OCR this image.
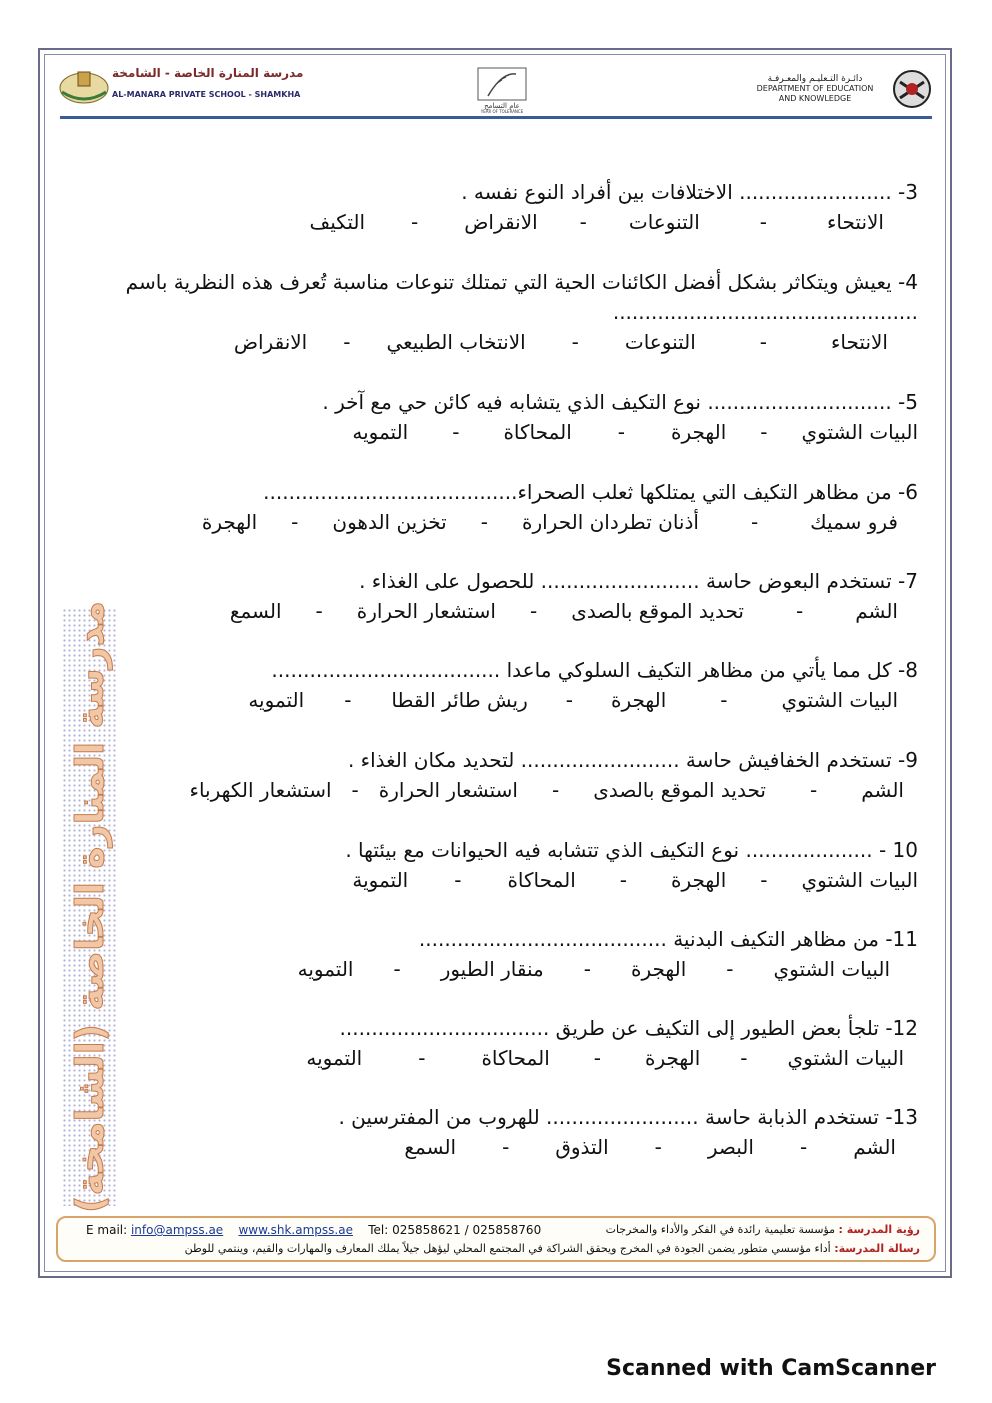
مدرسة المنارة الخاصة - الشامخة
AL-MANARA PRIVATE SCHOOL - SHAMKHA
عام التسامح
YEAR OF TOLERANCE
دائـرة التـعليـم والمعـرفـة
DEPARTMENT OF EDUCATION
AND KNOWLEDGE
مدرسة المنارة الخاصة (الشامخة)
3- ........................ الاختلافات بين أفراد النوع نفسه .
الانتحاء
-
التنوعات
-
الانقراض
-
التكيف
4- يعيش ويتكاثر بشكل أفضل الكائنات الحية التي تمتلك تنوعات مناسبة تُعرف هذه النظرية باسم
................................................
الانتحاء
-
التنوعات
-
الانتخاب الطبيعي
-
الانقراض
5- ............................. نوع التكيف الذي يتشابه فيه كائن حي مع آخر .
البيات الشتوي
-
الهجرة
-
المحاكاة
-
التمويه
6- من مظاهر التكيف التي يمتلكها ثعلب الصحراء........................................
فرو سميك
-
أذنان تطردان الحرارة
-
تخزين الدهون
-
الهجرة
7- تستخدم البعوض حاسة ......................... للحصول على الغذاء .
الشم
-
تحديد الموقع بالصدى
-
استشعار الحرارة
-
السمع
8- كل مما يأتي من مظاهر التكيف السلوكي ماعدا ....................................
البيات الشتوي
-
الهجرة
-
ريش طائر القطا
-
التمويه
9- تستخدم الخفافيش حاسة ......................... لتحديد مكان الغذاء .
الشم
-
تحديد الموقع بالصدى
-
استشعار الحرارة
-
استشعار الكهرباء
10 - .................... نوع التكيف الذي تتشابه فيه الحيوانات مع بيئتها .
البيات الشتوي
-
الهجرة
-
المحاكاة
-
التموية
11- من مظاهر التكيف البدنية .......................................
البيات الشتوي
-
الهجرة
-
منقار الطيور
-
التمويه
12- تلجأ بعض الطيور إلى التكيف عن طريق .................................
البيات الشتوي
-
الهجرة
-
المحاكاة
-
التمويه
13- تستخدم الذبابة حاسة ........................ للهروب من المفترسين .
الشم
-
البصر
-
التذوق
-
السمع
E mail: info@ampss.ae www.shk.ampss.ae Tel: 025858621 / 025858760	رؤية المدرسة : مؤسسة تعليمية رائدة في الفكر والأداء والمخرجات
رسالة المدرسة: أداء مؤسسي متطور يضمن الجودة في المخرج ويحقق الشراكة في المجتمع المحلي ليؤهل جيلاً يملك المعارف والمهارات والقيم، وينتمي للوطن
Scanned with CamScanner
